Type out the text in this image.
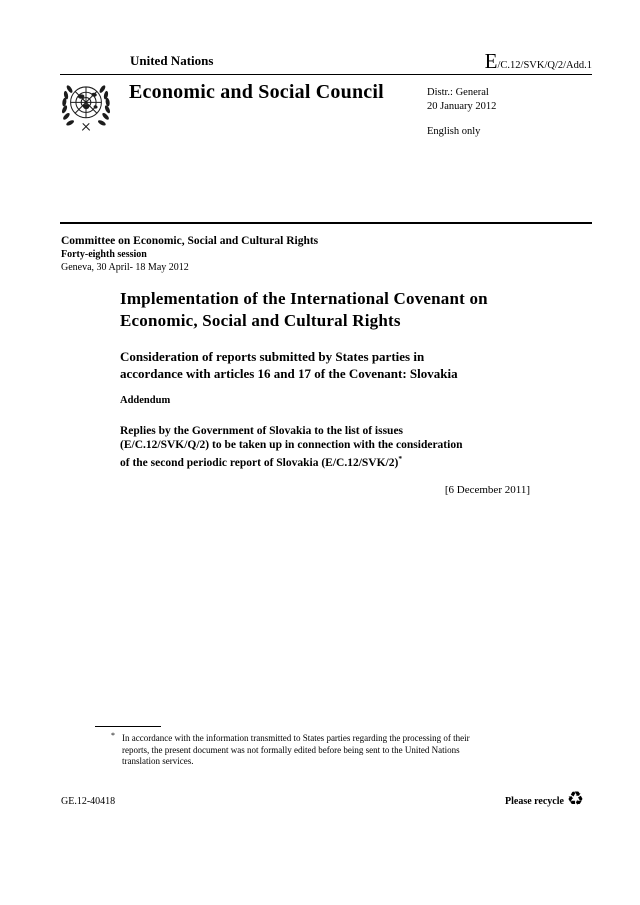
United Nations	E/C.12/SVK/Q/2/Add.1
Economic and Social Council	Distr.: General
20 January 2012
English only
Committee on Economic, Social and Cultural Rights
Forty-eighth session
Geneva, 30 April- 18 May 2012
Implementation of the International Covenant on
Economic, Social and Cultural Rights
Consideration of reports submitted by States parties in
accordance with articles 16 and 17 of the Covenant: Slovakia
Addendum
Replies by the Government of Slovakia to the list of issues
(E/C.12/SVK/Q/2) to be taken up in connection with the consideration
of the second periodic report of Slovakia (E/C.12/SVK/2)*
[6 December 2011]
* In accordance with the information transmitted to States parties regarding the processing of their
reports, the present document was not formally edited before being sent to the United Nations
translation services.
GE.12-40418	Please recycle ♻
